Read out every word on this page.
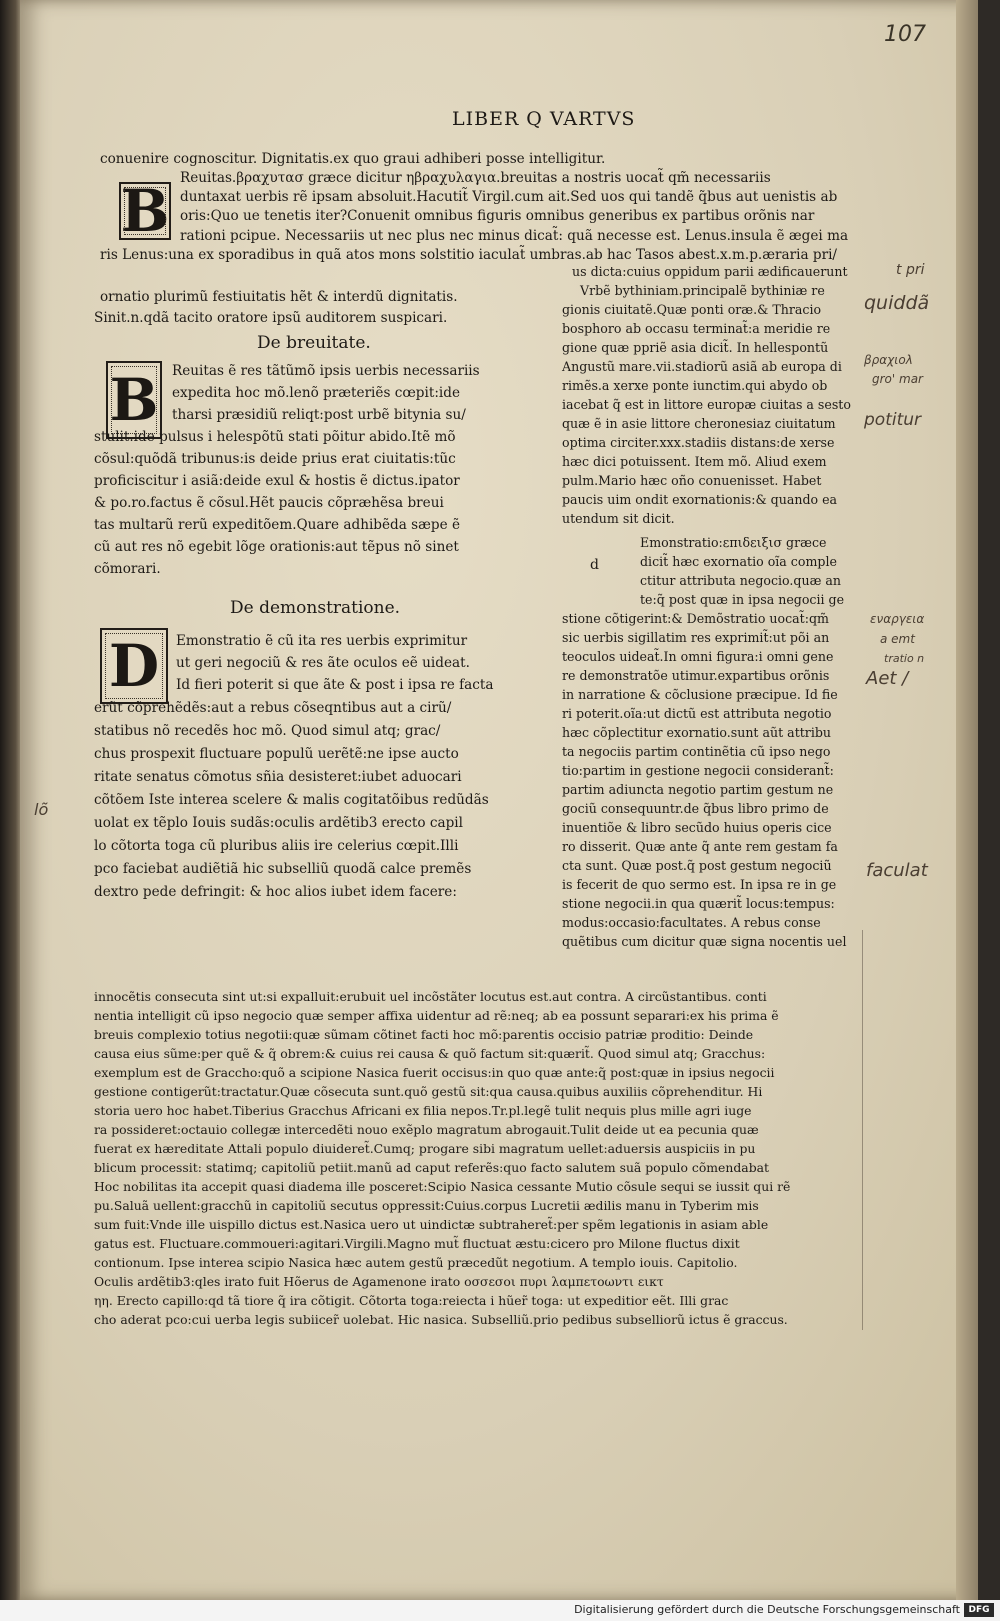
107
LIBER Q VARTVS
conuenire cognoscitur. Dignitatis.ex quo graui adhiberi posse intelligitur.
B Reuitas.βραχυτασ græce dicitur ηβραχυλαγια.breuitas a nostris uocat̃ qm̃ necessariis
duntaxat uerbis rẽ ipsam absoluit.Hacutit̃ Virgil.cum ait.Sed uos qui tandẽ q̃bus aut uenistis ab
oris:Quo ue tenetis iter?Conuenit omnibus figuris omnibus generibus ex partibus orõnis nar
rationi pcipue. Necessariis ut nec plus nec minus dicat̃: quã necesse est. Lenus.insula ẽ ægei ma
ris Lenus:una ex sporadibus in quã atos mons solstitio iaculat̃ umbras.ab hac Tasos abest.x.m.p.æraria pri/
ornatio plurimũ festiuitatis hẽt & interdũ dignitatis.
Sinit.n.qdã tacito oratore ipsũ auditorem suspicari.
De breuitate.
B Reuitas ẽ res tãtũmõ ipsis uerbis necessariis
expedita hoc mõ.lenõ præteriẽs cœpit:ide
tharsi præsidiũ reliqt:post urbẽ bitynia su/
stulit.ide pulsus i helespõtũ stati põitur abido.Itẽ mõ
cõsul:quõdã tribunus:is deide prius erat ciuitatis:tũc
proficiscitur i asiã:deide exul & hostis ẽ dictus.ipator
& po.ro.factus ẽ cõsul.Hẽt paucis cõpræhẽsa breui
tas multarũ rerũ expeditõem.Quare adhibẽda sæpe ẽ
cũ aut res nõ egebit lõge orationis:aut tẽpus nõ sinet
cõmorari.
De demonstratione.
D	Emonstratio ẽ cũ ita res uerbis exprimitur
ut geri negociũ & res ãte oculos eẽ uideat.
Id fieri poterit si que ãte & post i ipsa re facta
erũt cõprehẽdẽs:aut a rebus cõseqntibus aut a cirũ/
statibus nõ recedẽs hoc mõ. Quod simul atq; grac/
chus prospexit fluctuare populũ uerẽtẽ:ne ipse aucto
ritate senatus cõmotus sñia desisteret:iubet aduocari
cõtõem Iste interea scelere & malis cogitatõibus redũdãs
uolat ex tẽplo Iouis sudãs:oculis ardẽtib3 erecto capil
lo cõtorta toga cũ pluribus aliis ire celerius cœpit.Illi
pco faciebat audiẽtiã hic subselliũ quodã calce premẽs
dextro pede defringit: & hoc alios iubet idem facere:
us dicta:cuius oppidum parii ædificauerunt
Vrbẽ bythiniam.principalẽ bythiniæ re
gionis ciuitatẽ.Quæ ponti oræ.& Thracio
bosphoro ab occasu terminat̃:a meridie re
gione quæ ppriẽ asia dicit̃. In hellespontũ
Angustũ mare.vii.stadiorũ asiã ab europa di
rimẽs.a xerxe ponte iunctim.qui abydo ob
iacebat q̃ est in littore europæ ciuitas a sesto
quæ ẽ in asie littore cheronesiaz ciuitatum
optima circiter.xxx.stadiis distans:de xerse
hæc dici potuissent. Item mõ. Aliud exem
pulm.Mario hæc oño conuenisset. Habet
paucis uim ondit exornationis:& quando ea
utendum sit dicit.
d
Emonstratio:επιδειξισ græce
dicit̃ hæc exornatio oĩa comple
ctitur attributa negocio.quæ an
te:q̃ post quæ in ipsa negocii ge
stione cõtigerint:& Demõstratio uocat̃:qm̃
sic uerbis sigillatim res exprimit̃:ut põi an
teoculos uideat̃.In omni figura:i omni gene
re demonstratõe utimur.expartibus orõnis
in narratione & cõclusione præcipue. Id fie
ri poterit.oĩa:ut dictũ est attributa negotio
hæc cõplectitur exornatio.sunt aũt attribu
ta negociis partim continẽtia cũ ipso nego
tio:partim in gestione negocii considerant̃:
partim adiuncta negotio partim gestum ne
gociũ consequuntr.de q̃bus libro primo de
inuentiõe & libro secũdo huius operis cice
ro disserit. Quæ ante q̃ ante rem gestam fa
cta sunt. Quæ post.q̃ post gestum negociũ
is fecerit de quo sermo est. In ipsa re in ge
stione negocii.in qua quærit̃ locus:tempus:
modus:occasio:facultates. A rebus conse
quẽtibus cum dicitur quæ signa nocentis uel
innocẽtis consecuta sint ut:si expalluit:erubuit uel incõstãter locutus est.aut contra. A circũstantibus. conti
nentia intelligit cũ ipso negocio quæ semper affixa uidentur ad rẽ:neq; ab ea possunt separari:ex his prima ẽ
breuis complexio totius negotii:quæ sũmam cõtinet facti hoc mõ:parentis occisio patriæ proditio: Deinde
causa eius sũme:per quẽ & q̃ obrem:& cuius rei causa & quõ factum sit:quærit̃. Quod simul atq; Gracchus:
exemplum est de Graccho:quõ a scipione Nasica fuerit occisus:in quo quæ ante:q̃ post:quæ in ipsius negocii
gestione contigerũt:tractatur.Quæ cõsecuta sunt.quõ gestũ sit:qua causa.quibus auxiliis cõprehenditur. Hi
storia uero hoc habet.Tiberius Gracchus Africani ex filia nepos.Tr.pl.legẽ tulit nequis plus mille agri iuge
ra possideret:octauio collegæ intercedẽti nouo exẽplo magratum abrogauit.Tulit deide ut ea pecunia quæ
fuerat ex hæreditate Attali populo diuideret̃.Cumq; progare sibi magratum uellet:aduersis auspiciis in pu
blicum processit: statimq; capitoliũ petiit.manũ ad caput referẽs:quo facto salutem suã populo cõmendabat
Hoc nobilitas ita accepit quasi diadema ille posceret:Scipio Nasica cessante Mutio cõsule sequi se iussit qui rẽ
pu.Saluã uellent:gracchũ in capitoliũ secutus oppressit:Cuius.corpus Lucretii ædilis manu in Tyberim mis
sum fuit:Vnde ille uispillo dictus est.Nasica uero ut uindictæ subtraheret̃:per spẽm legationis in asiam able
gatus est. Fluctuare.commoueri:agitari.Virgili.Magno mut̃ fluctuat æstu:cicero pro Milone fluctus dixit
contionum. Ipse interea scipio Nasica hæc autem gestũ præcedũt negotium. A templo iouis. Capitolio.
Oculis ardẽtib3:qles irato fuit Hõerus de Agamenone irato οσσεσοι πυρι λαμπετοωντι εικτ
ηη. Erecto capillo:qd tã tiore q̃ ira cõtigit. Cõtorta toga:reiecta i hũer̃ toga: ut expeditior eẽt. Illi grac
cho aderat pco:cui uerba legis subiicer̃ uolebat. Hic nasica. Subselliũ.prio pedibus subselliorũ ictus ẽ graccus.
t pri
quiddã
βραχιολ
gro' mar
potitur
εναργεια
a emt
tratio n
Aet /
faculat
lõ
Digitalisierung gefördert durch die Deutsche Forschungsgemeinschaft DFG
